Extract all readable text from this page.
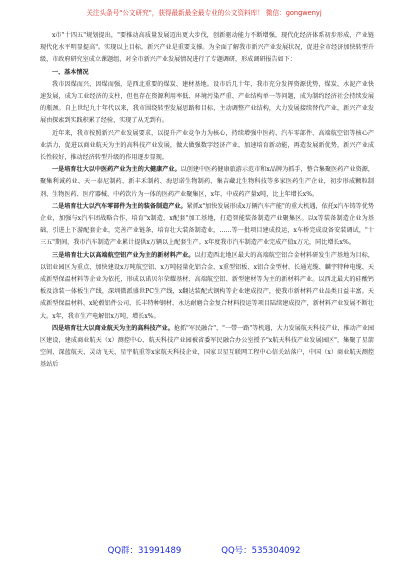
关注头条号"公文研究"，获得最新最全最专业的公文资料库！ 微信：gongwenyj

x市"十四五"规划提出，"要推动高质量发展迈出更大步伐，创新驱动能力不断增强，现代化经济体系初步形成，产业链现代化水平明显提高"。实现以上目标，新兴产业是重要支撑。为全面了解我市新兴产业发展状况，促进全市经济加快转型升级，市政府研究室成立课题组，对全市新兴产业发展情况进行了专题调研，形成调研报告如下：

一、基本情况

我市因煤而兴、因煤而强，是西北重要的煤炭、建材基地。设市后几十年，我市充分发挥资源优势，煤炭、水泥产业快速发展，成为工业经济的支柱，但也存在资源利用率低、环境污染严重、产业结构单一等问题，成为制约经济社会持续发展的瓶颈。自上世纪九十年代以来，我市围绕转型发展思路和目标，主动调整产业结构，大力发展接续替代产业，新兴产业发展由探索到实践积累了经验，实现了从无到有。

近年来，我市按照新兴产业发展要求，以提升产业竞争力为核心，持续增强中医药、汽车零部件、高端航空铝等核心产业活力，促进以商业航天为主的高科技产业发展，做大做强数字经济产业，加速培育新动能，再造发展新优势，新兴产业成长性较好，推动经济转型升级的作用逐步显现。

一是培育壮大以中医药产业为主的大健康产业。以创建中医药健康旅游示范市和x品牌为抓手，整合集聚医药产业资源，聚集利诚药业、天一泰尼制药、新丰禾制药、海思诺生物制药、集吉藏北生物科技等多家医药生产企业，初步形成颗粒制剂、生物医药、医疗器械、中药饮片为一体的医药产业聚集区，x年，中成药产量x吨，比上年增长x%。

二是培育壮大以汽车零部件为主的装备制造产业。紧抓x"加快发展形成x万辆汽车产能"的重大机遇，依托x汽车铸等优势企业，加强与x汽车团战略合作，培育"x制造、x配套"加工基地，打造智能装备制造产业聚集区。以x等装备制造企业为基础，引进上下游配套企业，完善产业链条，培育壮大装备制造业，……等一批项目建成投运，x车桥完成设备安装调试，"十三五"期间，我市汽车制造产业累计提供x万辆以上配套生产。x年度我市汽车制造产业完成产值x万元，同比增长x%。

三是培育壮大以高端航空铝产业为主的新材料产业。以打造西北地区最大的高端航空铝合金材料研发生产基地为目标，以铝业园区为重点，加快建设x万吨航空铝、x万吨轻量化铝合金、x重型铝板、x铝合金型材、长通光缆、麟宇特种电缆、天成新型保温材料等企业为依托，形成以诺贝尔荣耀基材、高端航空铝、新型建材等为主的新材料产业。以西北最大的硅酸钙板及涂装一体板生产线，深圳微派盛世PC生产线，x翻达装配式钢构等企业建成投产，使我市新材料产业品类日益丰富。天成新型保温材料、x轮毂铝件公司、长丰特种钢材、永达耐磨合金复合材料投运等项目陆续建成投产，新材料产业发展不断壮大。x年，我市生产电解铝x万吨，增长x%。

四是培育壮大以商业航天为主的高科技产业。抢抓"军民融合"、"一带一路"等机遇，大力发展航天科技产业，推动产业园区建设，建成商业航天（x）测控中心、航天科技产业园被省委军民融合办公室授予"x航天科技产业发展园区"，集聚了星箭空间、深蓝航天、灵动飞天、星宇航重等x家航天科技企业，国家卫星互联网工程中心信关站落户，中国（x）商业航天测控基站后

QQ群：31991489	QQ号：535304092
